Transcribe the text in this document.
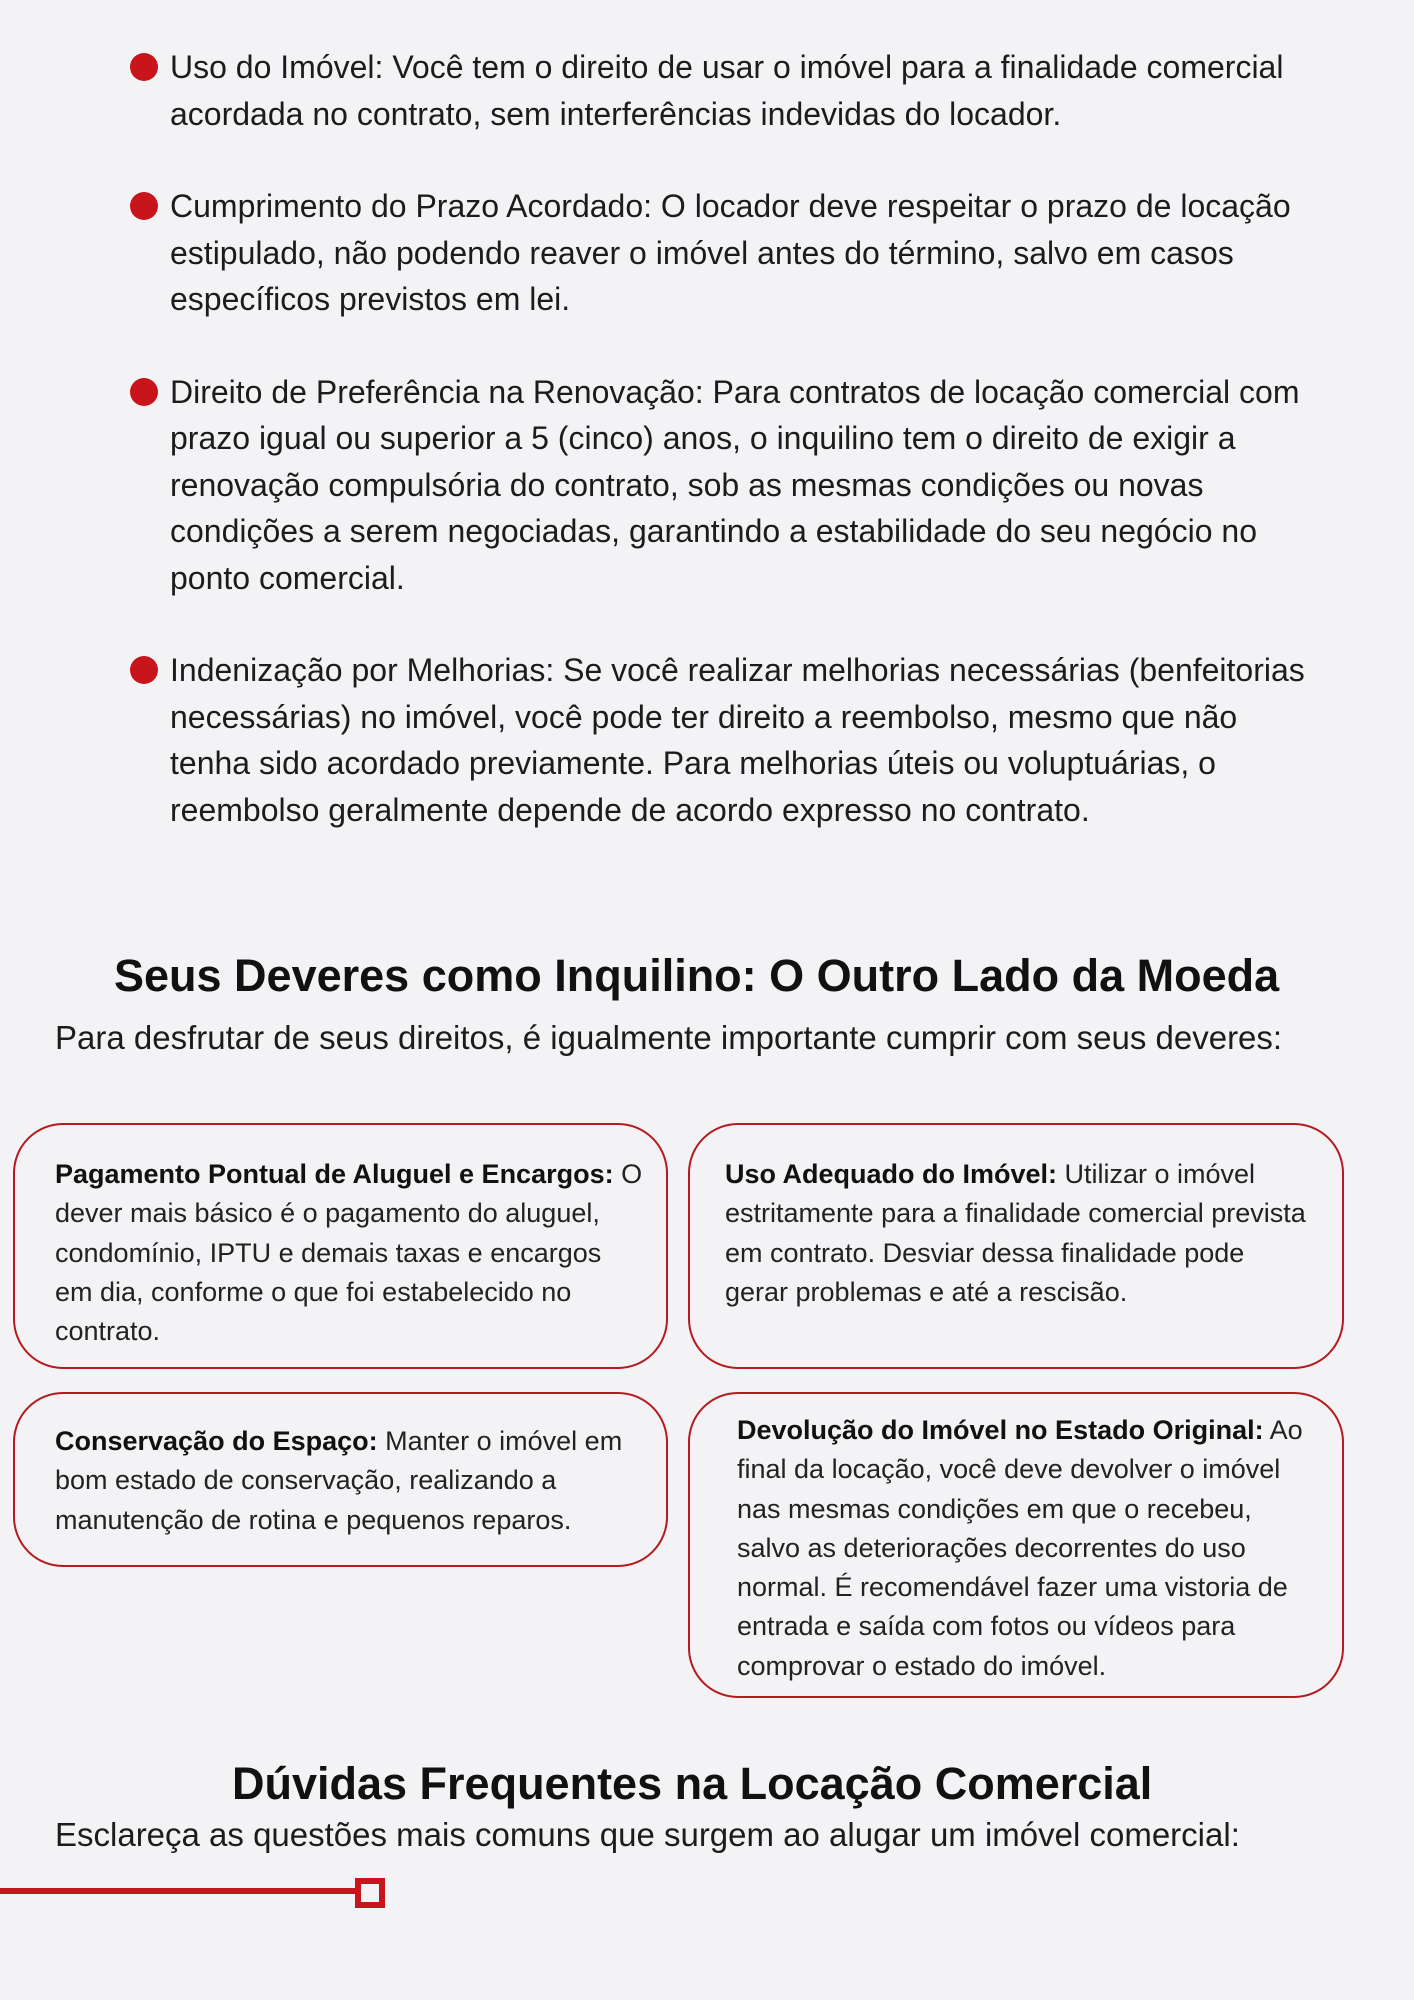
Uso do Imóvel: Você tem o direito de usar o imóvel para a finalidade comercial acordada no contrato, sem interferências indevidas do locador.
Cumprimento do Prazo Acordado: O locador deve respeitar o prazo de locação estipulado, não podendo reaver o imóvel antes do término, salvo em casos específicos previstos em lei.
Direito de Preferência na Renovação: Para contratos de locação comercial com prazo igual ou superior a 5 (cinco) anos, o inquilino tem o direito de exigir a renovação compulsória do contrato, sob as mesmas condições ou novas condições a serem negociadas, garantindo a estabilidade do seu negócio no ponto comercial.
Indenização por Melhorias: Se você realizar melhorias necessárias (benfeitorias necessárias) no imóvel, você pode ter direito a reembolso, mesmo que não tenha sido acordado previamente. Para melhorias úteis ou voluptuárias, o reembolso geralmente depende de acordo expresso no contrato.
Seus Deveres como Inquilino: O Outro Lado da Moeda
Para desfrutar de seus direitos, é igualmente importante cumprir com seus deveres:
Pagamento Pontual de Aluguel e Encargos: O dever mais básico é o pagamento do aluguel, condomínio, IPTU e demais taxas e encargos em dia, conforme o que foi estabelecido no contrato.
Uso Adequado do Imóvel: Utilizar o imóvel estritamente para a finalidade comercial prevista em contrato. Desviar dessa finalidade pode gerar problemas e até a rescisão.
Conservação do Espaço: Manter o imóvel em bom estado de conservação, realizando a manutenção de rotina e pequenos reparos.
Devolução do Imóvel no Estado Original: Ao final da locação, você deve devolver o imóvel nas mesmas condições em que o recebeu, salvo as deteriorações decorrentes do uso normal. É recomendável fazer uma vistoria de entrada e saída com fotos ou vídeos para comprovar o estado do imóvel.
Dúvidas Frequentes na Locação Comercial
Esclareça as questões mais comuns que surgem ao alugar um imóvel comercial:
